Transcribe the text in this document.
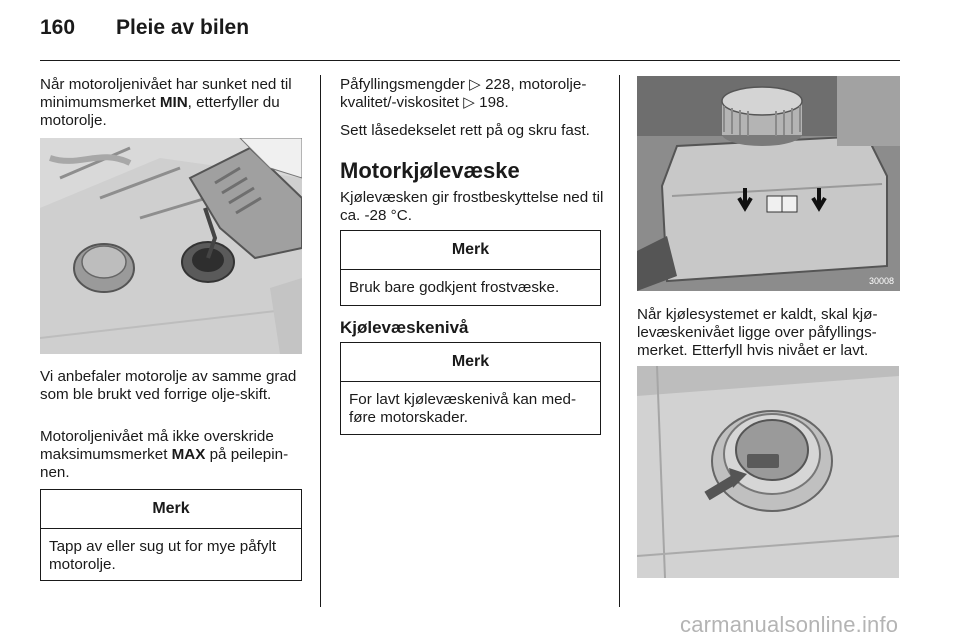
160 Pleie av bilen

Når motoroljenivået har sunket ned til minimumsmerket MIN, etterfyller du motorolje.

Vi anbefaler motorolje av samme grad som ble brukt ved forrige olje-skift.

Motoroljenivået må ikke overskride maksimumsmerket MAX på peilepin-nen.

Merk
Tapp av eller sug ut for mye påfylt motorolje.

Påfyllingsmengder ▷ 228, motorolje-kvalitet/-viskositet ▷ 198.

Sett låsedekselet rett på og skru fast.

Motorkjølevæske

Kjølevæsken gir frostbeskyttelse ned til ca. -28 °C.

Merk
Bruk bare godkjent frostvæske.
Kjølevæskenivå
Merk
For lavt kjølevæskenivå kan med-føre motorskader.
30008

Når kjølesystemet er kaldt, skal kjø-levæskenivået ligge over påfyllings-merket. Etterfyll hvis nivået er lavt.

carmanualsonline.info
